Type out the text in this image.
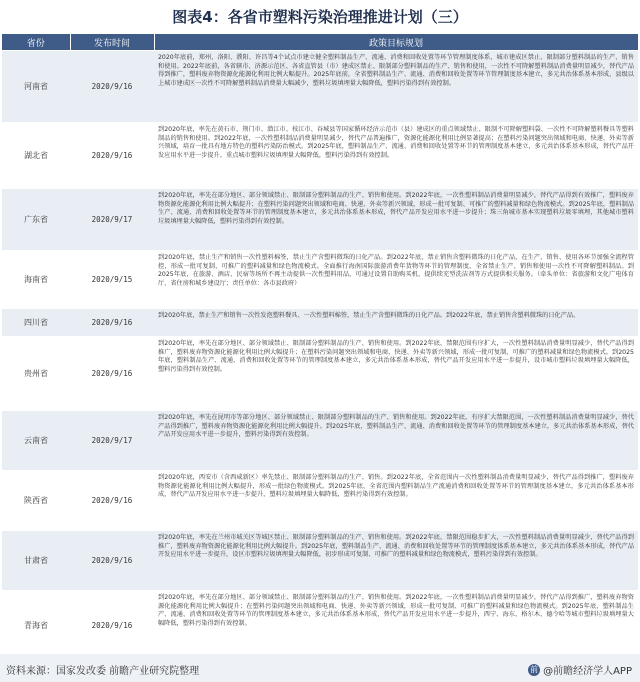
图表4：各省市塑料污染治理推进计划（三）
省份	发布时间	政策目标规划
河南省	2020/9/16	2020年底前，郑州、洛阳、濮阳、许昌等4个试点市建立健全塑料制品生产、流通、消费和回收处置等环节管理制度体系，城市建成区禁止、限制部分塑料制品的生产、销售和使用。2022年底前，各省辖市、济源示范区、各省直管县（市）建成区禁止、限制部分塑料制品的生产、销售和使用，一次性不可降解塑料制品消费量明显减少，替代产品得到推广，塑料废弃物资源化能源化利用比例大幅提升。2025年底前，全省塑料制品生产、流通、消费和回收处置等环节管理制度基本建立，多元共治体系基本形成，县级以上城市建成区一次性不可降解塑料制品消费量大幅减少，塑料垃圾填埋量大幅降低，塑料污染得到有效控制。
湖北省	2020/9/16	到2020年底，率先在黄石市、荆门市、潜江市、枝江市、谷城县等国家循环经济示范市（县）建成区的重点领域禁止、限制不可降解塑料袋、一次性不可降解塑料餐具等塑料制品的销售和使用。到2022年底，一次性塑料制品消费量明显减少，替代产品普遍推广，资源化能源化利用比例显著提高；在塑料污染问题突出领域和电商、快递、外卖等新兴领域，培育一批具有地方特色的塑料污染防治模式。到2025年底，塑料制品生产、流通、消费和回收处置等环节的管理制度基本建立，多元共治体系基本形成，替代产品开发应用水平进一步提升，重点城市塑料垃圾填埋量大幅降低，塑料污染得到有效控制。
广东省	2020/9/17	到2020年底，率先在部分地区、部分领域禁止、限制部分塑料制品的生产、销售和使用。到2022年底，一次性塑料制品消费量明显减少，替代产品得到有效推广，塑料废弃物资源化能源化利用比例大幅提升；在塑料污染问题突出领域和电商、快递、外卖等新兴领域，形成一批可复制、可推广的塑料减量和绿色物流模式。到2025年底，塑料制品生产、流通、消费和回收处置等环节的管理制度基本建立，多元共治体系基本形成，替代产品开发应用水平进一步提升；珠三角城市基本实现塑料垃圾零填埋，其他城市塑料垃圾填埋量大幅降低，塑料污染得到有效控制。
海南省	2020/9/15	到2020年底，禁止生产和销售一次性塑料棉签，禁止生产含塑料微珠的日化产品。到2022年底，禁止销售含塑料微珠的日化产品，在生产、销售、使用各环节加强全流程管控，形成一批可复制、可推广的塑料减量和绿色物流模式。全面推行海南国际旅游消费年货物等环节的管理制度，全省禁止生产、销售和使用一次性不可降解塑料制品。到2025年底，在旅游、酒店、民宿等场所不再主动提供一次性塑料用品，可通过设置自助购买机、提供续充型洗洁剂等方式提供相关服务。（牵头单位：省旅游和文化广电体育厅、省住房和城乡建设厅；责任单位：各市县政府）
四川省	2020/9/16	到2020年底，禁止生产和销售一次性发泡塑料餐具、一次性塑料棉签，禁止生产含塑料微珠的日化产品。到2022年底，禁止销售含塑料微珠的日化产品。
贵州省	2020/9/16	到2020年底，率先在部分地区、部分领域禁止、限制部分塑料制品的生产、销售和使用。到2022年底，禁限范围有序扩大，一次性塑料制品消费量明显减少，替代产品得到推广，塑料废弃物资源化能源化利用比例大幅提升；在塑料污染问题突出领域和电商、快递、外卖等新兴领域，形成一批可复制、可推广的塑料减量和绿色物流模式。到2025年底，塑料制品生产、流通、消费和回收处置等环节的管理制度基本建立，多元共治体系基本形成，替代产品开发应用水平进一步提升，设市城市塑料垃圾填埋量大幅降低，塑料污染得到有效控制。
云南省	2020/9/17	到2020年底，率先在昆明市等部分地区、部分领域禁止、限制部分塑料制品的生产、销售和使用。到2022年底，有序扩大禁限范围，一次性塑料制品消费量明显减少，替代产品得到推广，塑料废弃物资源化能源化利用比例大幅提升。到2025年底，塑料制品生产、流通、消费和回收处置等环节的管理制度基本建立，多元共治体系基本形成，替代产品开发应用水平进一步提升，塑料污染得到有效控制。
陕西省	2020/9/16	到2020年底，西安市（含西咸新区）率先禁止、限制部分塑料制品的生产、销售。到2022年底，全省范围内一次性塑料制品消费量明显减少，替代产品得到推广，塑料废弃物资源化能源化利用比例大幅提升，形成一批绿色物流模式。到2025年底，全省范围内塑料制品生产流通消费和回收处置等环节的管理制度基本建立，多元共治体系基本形成，替代产品开发应用水平进一步提升，塑料垃圾填埋量大幅降低，塑料污染得到有效控制。
甘肃省	2020/9/16	到2020年底，率先在兰州市城关区等城区禁止、限制部分塑料制品的生产、销售和使用。到2022年底，禁限范围稳步扩大，一次性塑料制品消费量明显减少，替代产品得到推广，塑料废弃物资源化能源化利用比例大幅提升。到2025年底，塑料制品生产、流通、消费和回收处置等环节的管理制度体系基本建立，多元共治体系基本形成，替代产品开发应用水平进一步提升，设区市塑料垃圾填埋量大幅降低，初步形成可复制、可推广的塑料减量和绿色物流模式，塑料污染得到有效控制。
青海省	2020/9/16	到2020年底，率先在部分地区、部分领域禁止、限制部分塑料制品的生产、销售和使用。到2022年底，一次性塑料制品消费量明显减少，替代产品得到推广，塑料废弃物资源化能源化利用比例大幅提升；在塑料污染问题突出领域和电商、快递、外卖等新兴领域，形成一批可复制、可推广的塑料减量和绿色物流模式。到2025年底，塑料制品生产、流通、消费和回收处置等环节的管理制度基本建立，多元共治体系基本形成，替代产品开发应用水平进一步提升，西宁、海东、格尔木、德令哈等城市塑料垃圾填埋量大幅降低，塑料污染得到有效控制。
资料来源：国家发改委 前瞻产业研究院整理	前 @前瞻经济学人APP
